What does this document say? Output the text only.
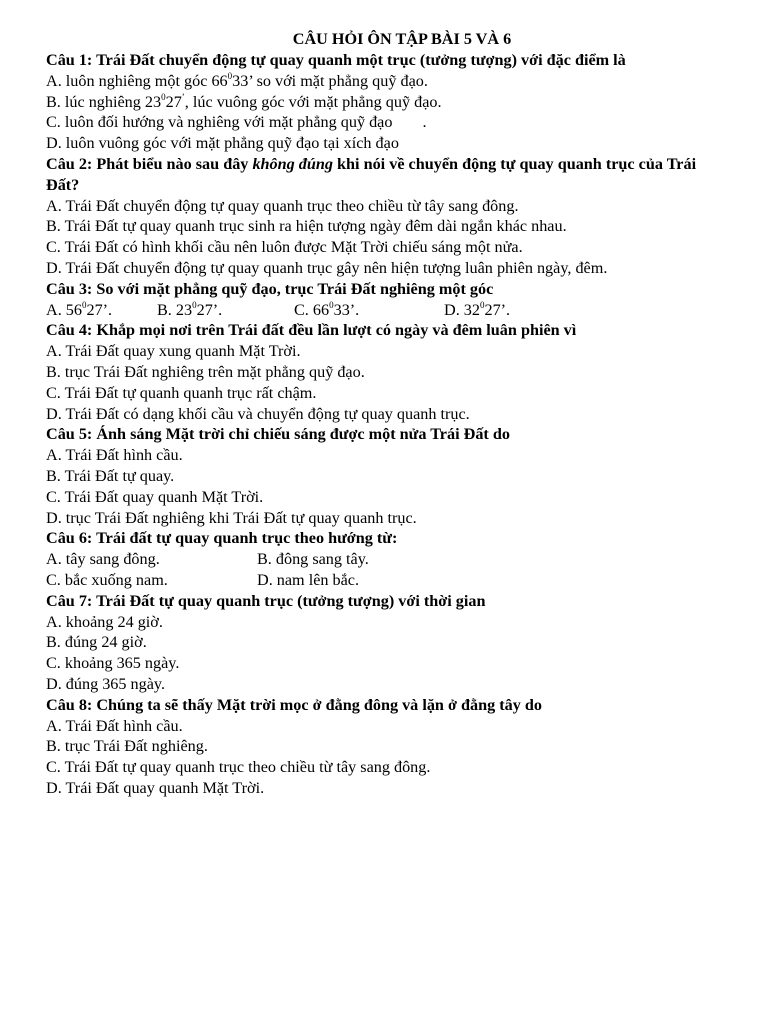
CÂU HỎI ÔN TẬP BÀI 5 VÀ 6
Câu 1: Trái Đất chuyển động tự quay quanh một trục (tưởng tượng) với đặc điểm là
A. luôn nghiêng một góc $66^033$’ so với mặt phẳng quỹ đạo.
B. lúc nghiêng $23^027^’$, lúc vuông góc với mặt phẳng quỹ đạo.
C. luôn đối hướng và nghiêng với mặt phẳng quỹ đạo .
D. luôn vuông góc với mặt phẳng quỹ đạo tại xích đạo
Câu 2: Phát biểu nào sau đây không đúng khi nói về chuyển động tự quay quanh trục của Trái Đất?
A. Trái Đất chuyển động tự quay quanh trục theo chiều từ tây sang đông.
B. Trái Đất tự quay quanh trục sinh ra hiện tượng ngày đêm dài ngắn khác nhau.
C. Trái Đất có hình khối cầu nên luôn được Mặt Trời chiếu sáng một nửa.
D. Trái Đất chuyển động tự quay quanh trục gây nên hiện tượng luân phiên ngày, đêm.
Câu 3: So với mặt phẳng quỹ đạo, trục Trái Đất nghiêng một góc
A. $56^027$’.	B. $23^027$’.	C. $66^033$’.	D. $32^027$’.
Câu 4: Khắp mọi nơi trên Trái đất đều lần lượt có ngày và đêm luân phiên vì
A. Trái Đất quay xung quanh Mặt Trời.
B. trục Trái Đất nghiêng trên mặt phẳng quỹ đạo.
C. Trái Đất tự quanh quanh trục rất chậm.
D. Trái Đất có dạng khối cầu và chuyển động tự quay quanh trục.
Câu 5: Ánh sáng Mặt trời chỉ chiếu sáng được một nửa Trái Đất do
A. Trái Đất hình cầu.
B. Trái Đất tự quay.
C. Trái Đất quay quanh Mặt Trời.
D. trục Trái Đất nghiêng khi Trái Đất tự quay quanh trục.
Câu 6: Trái đất tự quay quanh trục theo hướng từ:
A. tây sang đông.	B. đông sang tây.
C. bắc xuống nam.	D. nam lên bắc.
Câu 7: Trái Đất tự quay quanh trục (tưởng tượng) với thời gian
A. khoảng 24 giờ.
B. đúng 24 giờ.
C. khoảng 365 ngày.
D. đúng 365 ngày.
Câu 8: Chúng ta sẽ thấy Mặt trời mọc ở đằng đông và lặn ở đằng tây do
A. Trái Đất hình cầu.
B. trục Trái Đất nghiêng.
C. Trái Đất tự quay quanh trục theo chiều từ tây sang đông.
D. Trái Đất quay quanh Mặt Trời.
